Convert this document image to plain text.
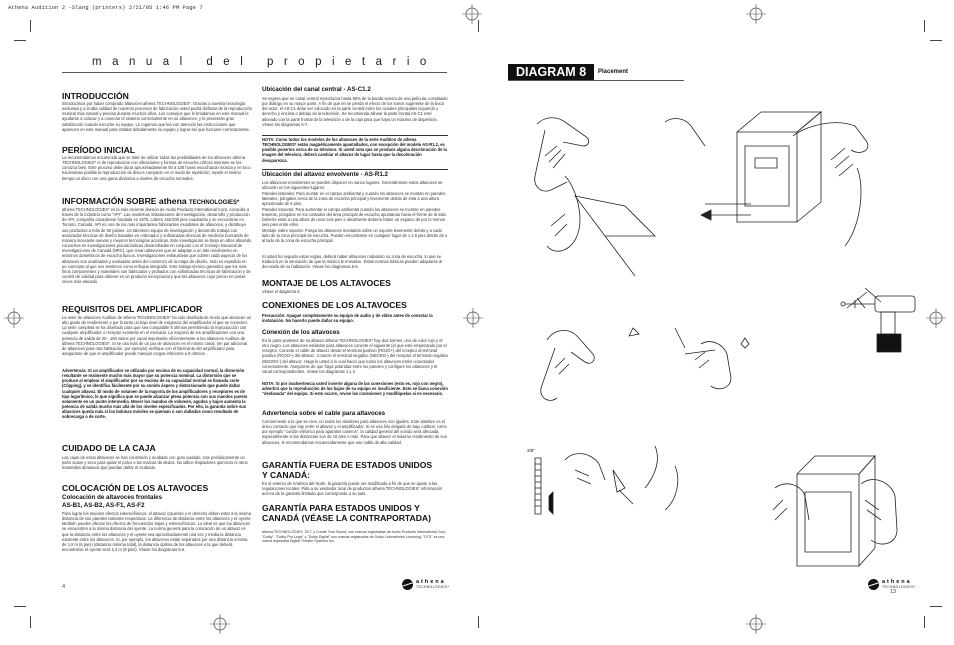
Athena Audition 2 -Slang (printers) 2/21/05 1:46 PM Page 7
manual del propietario
INTRODUCCIÓN
Introducimos por haber comprado altavoces athena TECHNOLOGIES*. Gracias a nuestra tecnología exclusiva y a la alta calidad de nuestros procesos de fabricación usted podrá disfrutar de la reproducción musical más natural y precisa durante muchos años. Los consejos que le brindamos en este manual le ayudarán a colocar y a conectar el sistema correctamente en su altavoces, y le proveerán gran satisfacción cuando escuche su equipo. Le rogamos que lea con atención las instrucciones que aparecen en este manual para instalar debidamente su equipo y lograr así que funcione correctamente.
PERÍODO INICIAL
La recomendamos encarecida que se trate de utilizar todas las posibilidades de los altavoces athena TECHNOLOGIES* ni de reproducirse con vibraciones y formas de escucha críticas mientras se los conozca bien. Este proceso debe durar aproximadamente 50 a 100 horas escuchando música y en toco haciéndose posible la reproducción de discos compacto en el modo de repetición; repetir el mismo tiempo un disco con una gama dinámica a niveles de escucha normales.
INFORMACIÓN SOBRE athena TECHNOLOGIES*
athena TECHNOLOGIES* es la más reciente división de Audio Products International Corp. conocida a través de la industria como "API". Las modernas instalaciones de investigación, desarrollo y producción de API, compañía canadiense fundada en 1976, cubren 165.000 pies cuadrados y se encuentran en Toronto, Canadá. API es uno de los más importantes fabricantes mundiales de altavoces, y distribuye sus productos a más de 60 países. Un talentoso equipo de investigación y desarrollo trabaja con avanzadas técnicas de diseño basadas en ordenador y sofisticadas técnicas de medición buscando de manera incesante nuevas y mejores tecnologías acústicas. Este investigación se basa en años afinando conciertos en investigaciones psicoacústicas desarrolladas en conjunto con el Consejo Nacional de Investigaciones de Canadá (NRC), que crean altavoces que se adaptan a un alto rendimiento en entornos domésticos de escucha típicos. Investigaciones exhaustivas que cubren cada aspecto de los altavoces son analizadas y evaluadas antes del comienzo de la etapa de diseño, todo es expedido en un concepto al que nos sentimos como enfoque integrado. Este trabajo técnico garantiza que los más finos componentes y materiales son fabricados y probados con sofisticadas técnicas de fabricación y de control de calidad para obtener en un producto excepcional y que los altavoces cuye precio en varias veces más elevado.
REQUISITOS DEL AMPLIFICADOR
La serie de altavoces Audition de athena TECHNOLOGIES* ha sido diseñada de modo que alcancen un alto grado de rendimiento y por lo tanto un bajo nivel de exigencia del amplificador al que se conecten. La serie completa se ha diseñado para que sea compatible 8 ohmios permitiendo la reproducción con cualquier amplificador o receptor existente en el mercado. La mayoría de los amplificadores con una potencia de salida de 20 - 180 vatios por canal impulsarán eficientemente a los altavoces Audition de athena TECHNOLOGIES*. Si se usa más de un par de altavoces en el mismo canal, (en par adicional de altavoces para otra habitación, por ejemplo) verifique con el fabricante del amplificador para asegurarse de que el amplificador puede manejar cargas inferiores a 8 ohmios.
Advertencia: Si un amplificador se utilizado por encima de su capacidad normal, la distorsión resultante se realmente mucho más mayor que su potencia nominal. La distorsión que se produce al emplear el amplificador por su encima de su capacidad normal se llamada corte (Clipping), y se identifica fácilmente por su sonido áspero y distorsionado que puede dañar cualquier altavoz. El modo de volumen de la mayoría de los amplificadores y receptores es de tipo logarítmico, lo que significa que se puede alcanzar plena potencia con sus mandos puesto solamente en un punto intermedio. Mover los mandos de volumen, agudos y bajos aumenta la potencia de salida mucho más allá de los niveles especificados. Por ello, la garantía sobre sus altavoces queda nula si los bobinas móviles se queman o son dañados como resultado de sobrecarga o de corte.
CUIDADO DE LA CAJA
Las cajas de estos altavoces se han construido y acabado con gran cuidado. Use periódicamente un paño suave y seco para quitar el polvo o las marcas de dedos. No utilice limpiadores químicos ni otros materiales abrasivos que puedan dañar el acabado.
COLOCACIÓN DE LOS ALTAVOCES
Colocación de altavoces frontales
AS-B1, AS-B2, AS-F1, AS-F2
Para lograr los mejores efectos estereofónicos, el altavoz izquierdo y el derecho deben estar a la misma distancia de sus paredes laterales respectivas. La diferencia de distancia entre los altavoces y el oyente también pueden afectar los efectos de frecuencias bajas y estereofónicos. Lo ideal es que los altavoces se encuentren a la misma distancia del oyente. La norma general para la colocación de un altavoz es que la distancia entre los altavoces y el oyente sea aproximadamente una vez y media la distancia existente entre los altavoces. Si, por ejemplo, los altavoces están separados por una distancia mínima de 1,8 m (6 pies) (distancia mínima total), la distancia óptima de los altavoces a la que deberá encontrarse el oyente será 2,4 m (8 pies). Véase los diagramas 5-6.
4
Ubicación del canal central - AS-C1.2
Se espera que un canal central reproduzca hasta 60% de la banda sonora de una película, constituido por diálogo en su mayor parte. A fin de que en se pierda el efecto de los sonos sugerente de la boca del actor, el AS-C1 debe ser colocado en la parte central entre los canales principales izquierdo y derecho y encima o debajo de la televisión. Se recomienda alinear la parte frontal AS-C1 esté alineado con la parte frontal de la televisión o de la caja para que haya un máximo de dispersión. Véase los diagramas 5-7.
NOTA: Como todos los modelos de los altavoces de la serie Audition de athena TECHNOLOGIES* están magnéticamente apantallados, con excepción del modelo AS-R1.2, es posible ponerlos cerca de su televisor. Si usted nota que se produce alguna decoloración de la imagen del televisor, deberá cambiar el altavoz de lugar hasta que la decoloración desaparezca.
Ubicación del altavoz envolvente - AS-R1.2
Los altavoces envolventes se pueden disponer en varios lugares. Generalmente estos altavoces se ubicarán en los siguientes lugares:
Paredes laterales: Para montar en el campo ambiental y cuando los altavoces se montan en paredes laterales, póngalos cerca de la zona de escucha principal y levemente detrás de ésta a una altura aproximada de 6 pies.
Paredes traseras: Para aumentar el campo ambiental cuando los altavoces se montan en paredes traseras, póngalos en los costados del área principal de escucha apuntando hacia el frente de la sala. Debería estar a una altura de unos seis pies e idealmente debería haber un espacio de por lo menos seis pies entre ellos.
Montaje sobre soporte: Ponga los altavoces montados sobre un soporte levemente detrás y a cada lado de la zona principal de escucha. Pueden encontrarse en cualquier lugar de 1 a 6 pies detrás de o al lado de la zona de escucha principal.
Si usted ha seguido estas reglas, deberá haber altavoces rodeando su zona de escucha, lo que se traducirá en la sensación de que la música le envuelve. Estas normas básicas pueden adaptarse al decorado de su habitación. Véase los diagramas 5-6.
MONTAJE DE LOS ALTAVOCES
Véase el diagrama 8.
CONEXIONES DE LOS ALTAVOCES
Precaución: Apague completamente su equipo de audio y de vídeo antes de conectar la instalación. No hacerlo puede dañar su equipo.
Conexión de los altavoces
En la parte posterior de su altavoz athena TECHNOLOGIES* hay dos bornes, uno de color rojo y el otro negro. Los altavoces estándar para altavoces conecte el siguiente (el que esté empezando por el receptor. Conecte el cable de altavoz desde el terminal positivo (ROJO+) del receptor al terminal positivo (ROJO+) del altavoz. Conecte el terminal negativo (NEGRO-) del receptor al terminal negativo (NEGRO-) del altavoz. Haga lo usted a lo cual hacer que todos los altavoces estén conectados correctamente. Asegúrese de que haya polaridad entre los paneles y configure los altavoces y el canal correspondientes. Véase los diagramas 1 y 2.
NOTA: Si por inadvertencia usted invierte alguna de las conexiones (esto es, rojo con negro), advertirá que la reproducción de los bajos de su equipo es insuficiente. Esto se llama conexión "desfasada" del equipo. Si esto ocurre, revise las conexiones y modifíquelas si es necesario.
Advertencia sobre el cable para altavoces
Comúnmente a lo que se cree, no todos los alambres para altavoces son iguales. Este alambre es el único contacto que hay entre el altavoz y el amplificador. Si se usa hilo delgado de bajo calibral, como por ejemplo "cordón eléctrico para aparatos caseros", la calidad general del sonido será afectada, especialmente si las distancias son de 10 pies o más. Para que altavoz el máximo rendimiento de sus altavoces, le recomendamos encarecidamente que use cable de alta calidad.
GARANTÍA FUERA DE ESTADOS UNIDOS
Y CANADÁ:
En el exterior de América del Norte, la garantía puede ser modificada a fin de que se ajuste a las regulaciones locales. Pida a su vendedor local de productos athena TECHNOLOGIES* información acerca de la garantía limitada que corresponda a su país.
GARANTÍA PARA ESTADOS UNIDOS Y
CANADÁ (VÉASE LA CONTRAPORTADA)
athena TECHNOLOGIES, SCT, y Create Your Sound, son marcas registradas de Audio Products International Corp. "Dolby", "Dolby Pro Logic" y "Dolby Digital" son marcas registradas de Dolby Laboratories Licensing. "DTS" es una marca registrada Digital Theater Systems Inc.
athena
TECHNOLOGIES*
DIAGRAM 8	Placement
3/8"
athena
TECHNOLOGIES*
13
